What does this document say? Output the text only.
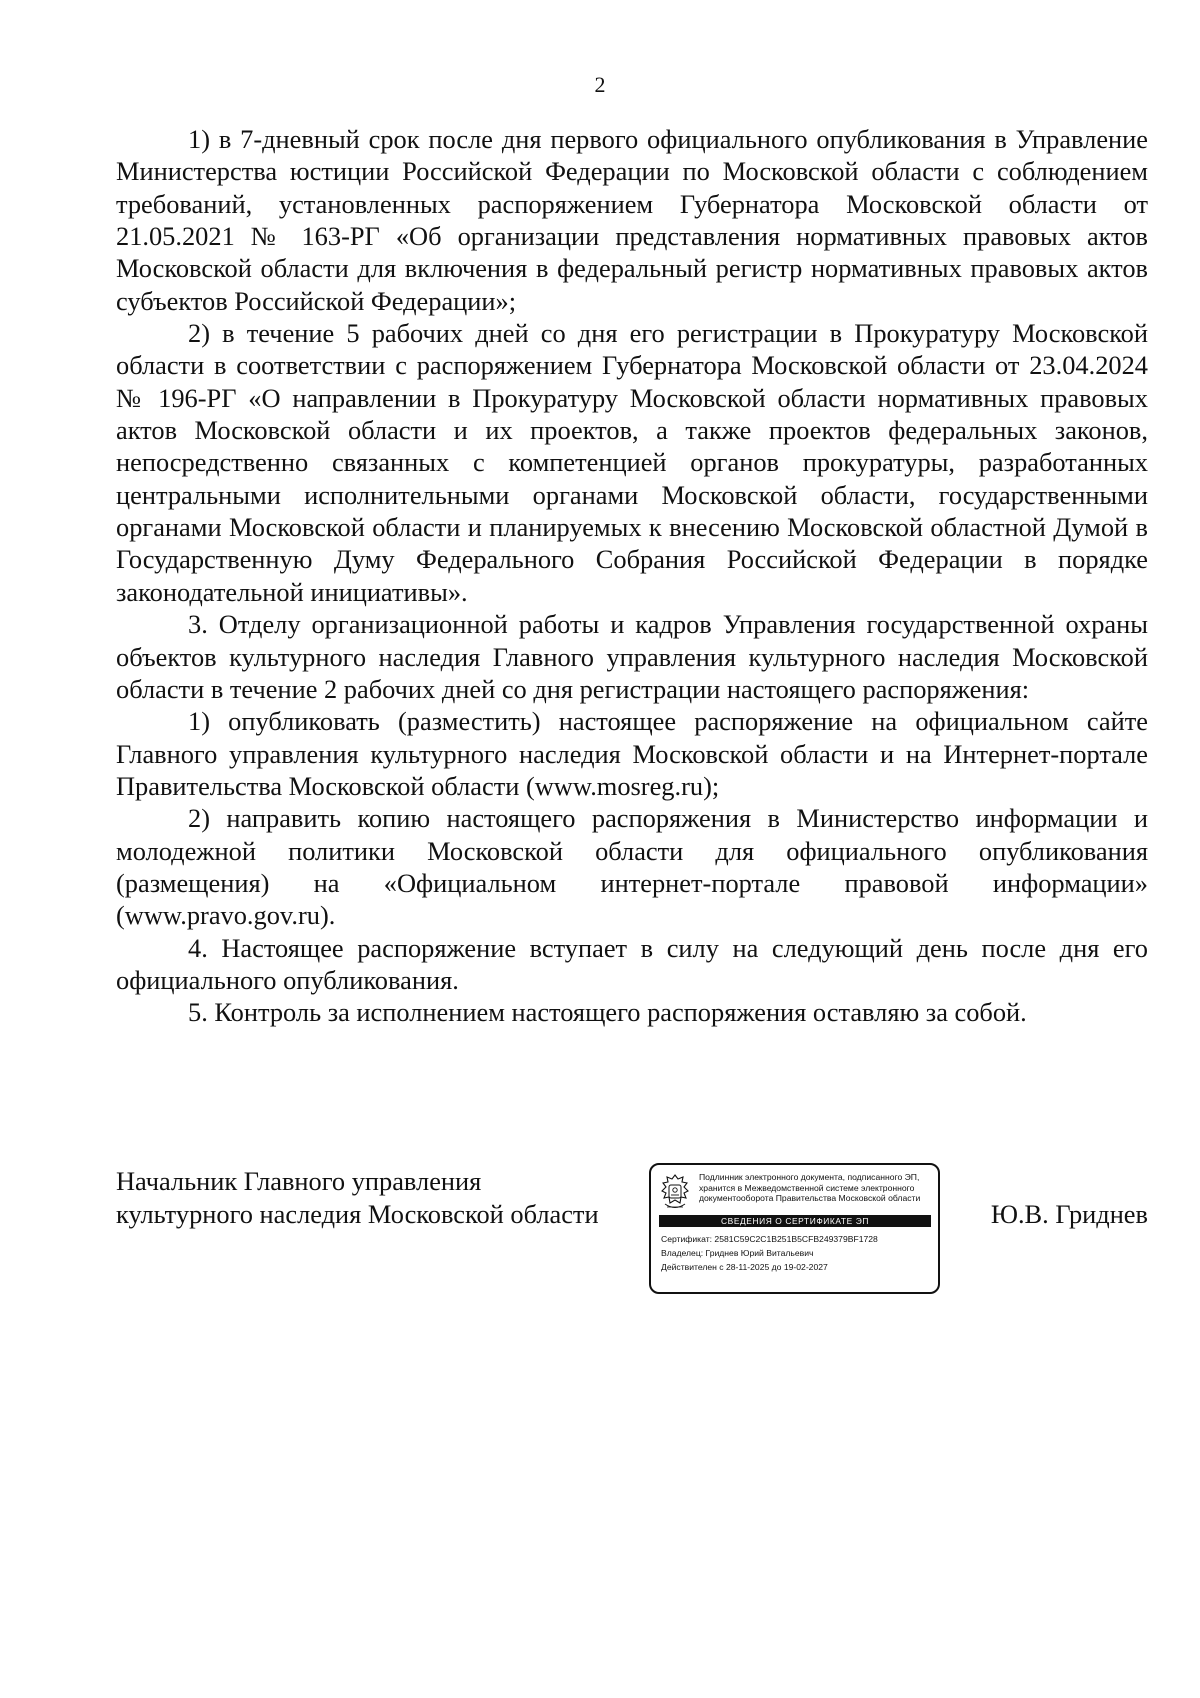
2

1) в 7-дневный срок после дня первого официального опубликования в Управление Министерства юстиции Российской Федерации по Московской области с соблюдением требований, установленных распоряжением Губернатора Московской области от 21.05.2021 № 163-РГ «Об организации представления нормативных правовых актов Московской области для включения в федеральный регистр нормативных правовых актов субъектов Российской Федерации»;

2) в течение 5 рабочих дней со дня его регистрации в Прокуратуру Московской области в соответствии с распоряжением Губернатора Московской области от 23.04.2024 № 196-РГ «О направлении в Прокуратуру Московской области нормативных правовых актов Московской области и их проектов, а также проектов федеральных законов, непосредственно связанных с компетенцией органов прокуратуры, разработанных центральными исполнительными органами Московской области, государственными органами Московской области и планируемых к внесению Московской областной Думой в Государственную Думу Федерального Собрания Российской Федерации в порядке законодательной инициативы».

3. Отделу организационной работы и кадров Управления государственной охраны объектов культурного наследия Главного управления культурного наследия Московской области в течение 2 рабочих дней со дня регистрации настоящего распоряжения:

1) опубликовать (разместить) настоящее распоряжение на официальном сайте Главного управления культурного наследия Московской области и на Интернет-портале Правительства Московской области (www.mosreg.ru);

2) направить копию настоящего распоряжения в Министерство информации и молодежной политики Московской области для официального опубликования (размещения) на «Официальном интернет-портале правовой информации» (www.pravo.gov.ru).

4. Настоящее распоряжение вступает в силу на следующий день после дня его официального опубликования.

5. Контроль за исполнением настоящего распоряжения оставляю за собой.

Начальник Главного управления
культурного наследия Московской области
Подлинник электронного документа, подписанного ЭП,
хранится в Межведомственной системе электронного
документооборота Правительства Московской области
СВЕДЕНИЯ О СЕРТИФИКАТЕ ЭП
Сертификат: 2581C59C2C1B251B5CFB249379BF1728
Владелец: Гриднев Юрий Витальевич
Действителен с 28-11-2025 до 19-02-2027
Ю.В. Гриднев
